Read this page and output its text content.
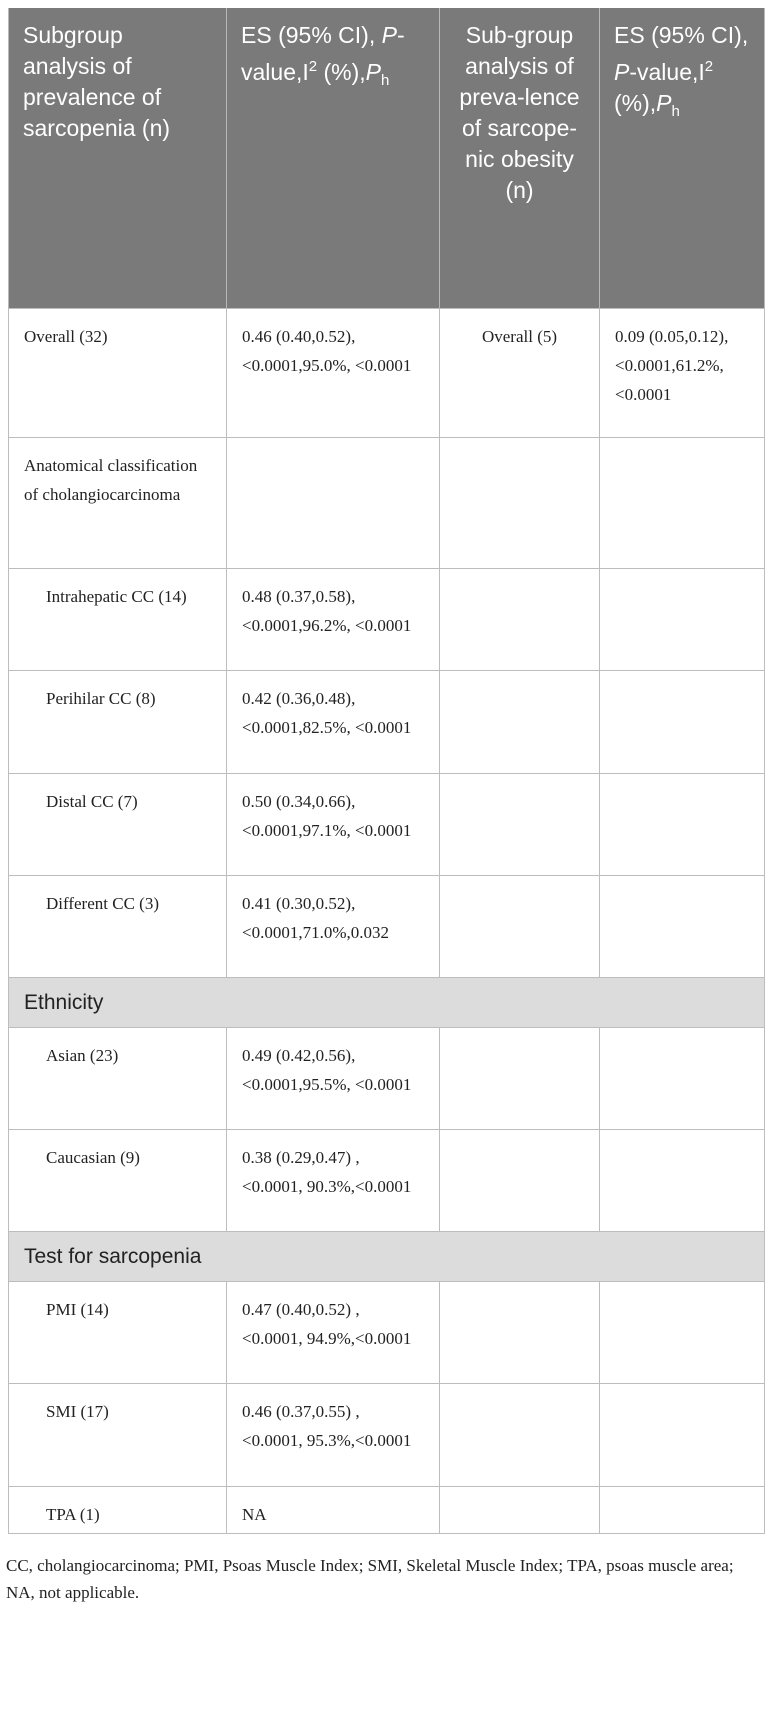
Subgroup analysis of prevalence of sarcopenia (n)	ES (95% CI), $P-value,I^2$ $(\%),P_h$	Sub-group analysis of preva-lence of sarcope-nic obesity (n)	ES (95% CI), $P-value,I^2$ $(\%),P_h$
Overall (32)	0.46 (0.40,0.52), <0.0001,95.0%, <0.0001	Overall (5)	0.09 (0.05,0.12), <0.0001,61.2%, <0.0001
Anatomical classification of cholangiocarcinoma			
Intrahepatic CC (14)	0.48 (0.37,0.58), <0.0001,96.2%, <0.0001		
Perihilar CC (8)	0.42 (0.36,0.48), <0.0001,82.5%, <0.0001		
Distal CC (7)	0.50 (0.34,0.66), <0.0001,97.1%, <0.0001		
Different CC (3)	0.41 (0.30,0.52), <0.0001,71.0%,0.032		
Ethnicity			
Asian (23)	0.49 (0.42,0.56), <0.0001,95.5%, <0.0001		
Caucasian (9)	0.38 (0.29,0.47) , <0.0001, 90.3%,<0.0001		
Test for sarcopenia			
PMI (14)	0.47 (0.40,0.52) , <0.0001, 94.9%,<0.0001		
SMI (17)	0.46 (0.37,0.55) , <0.0001, 95.3%,<0.0001		
TPA (1)	NA		
CC, cholangiocarcinoma; PMI, Psoas Muscle Index; SMI, Skeletal Muscle Index; TPA, psoas muscle area; NA, not applicable.
